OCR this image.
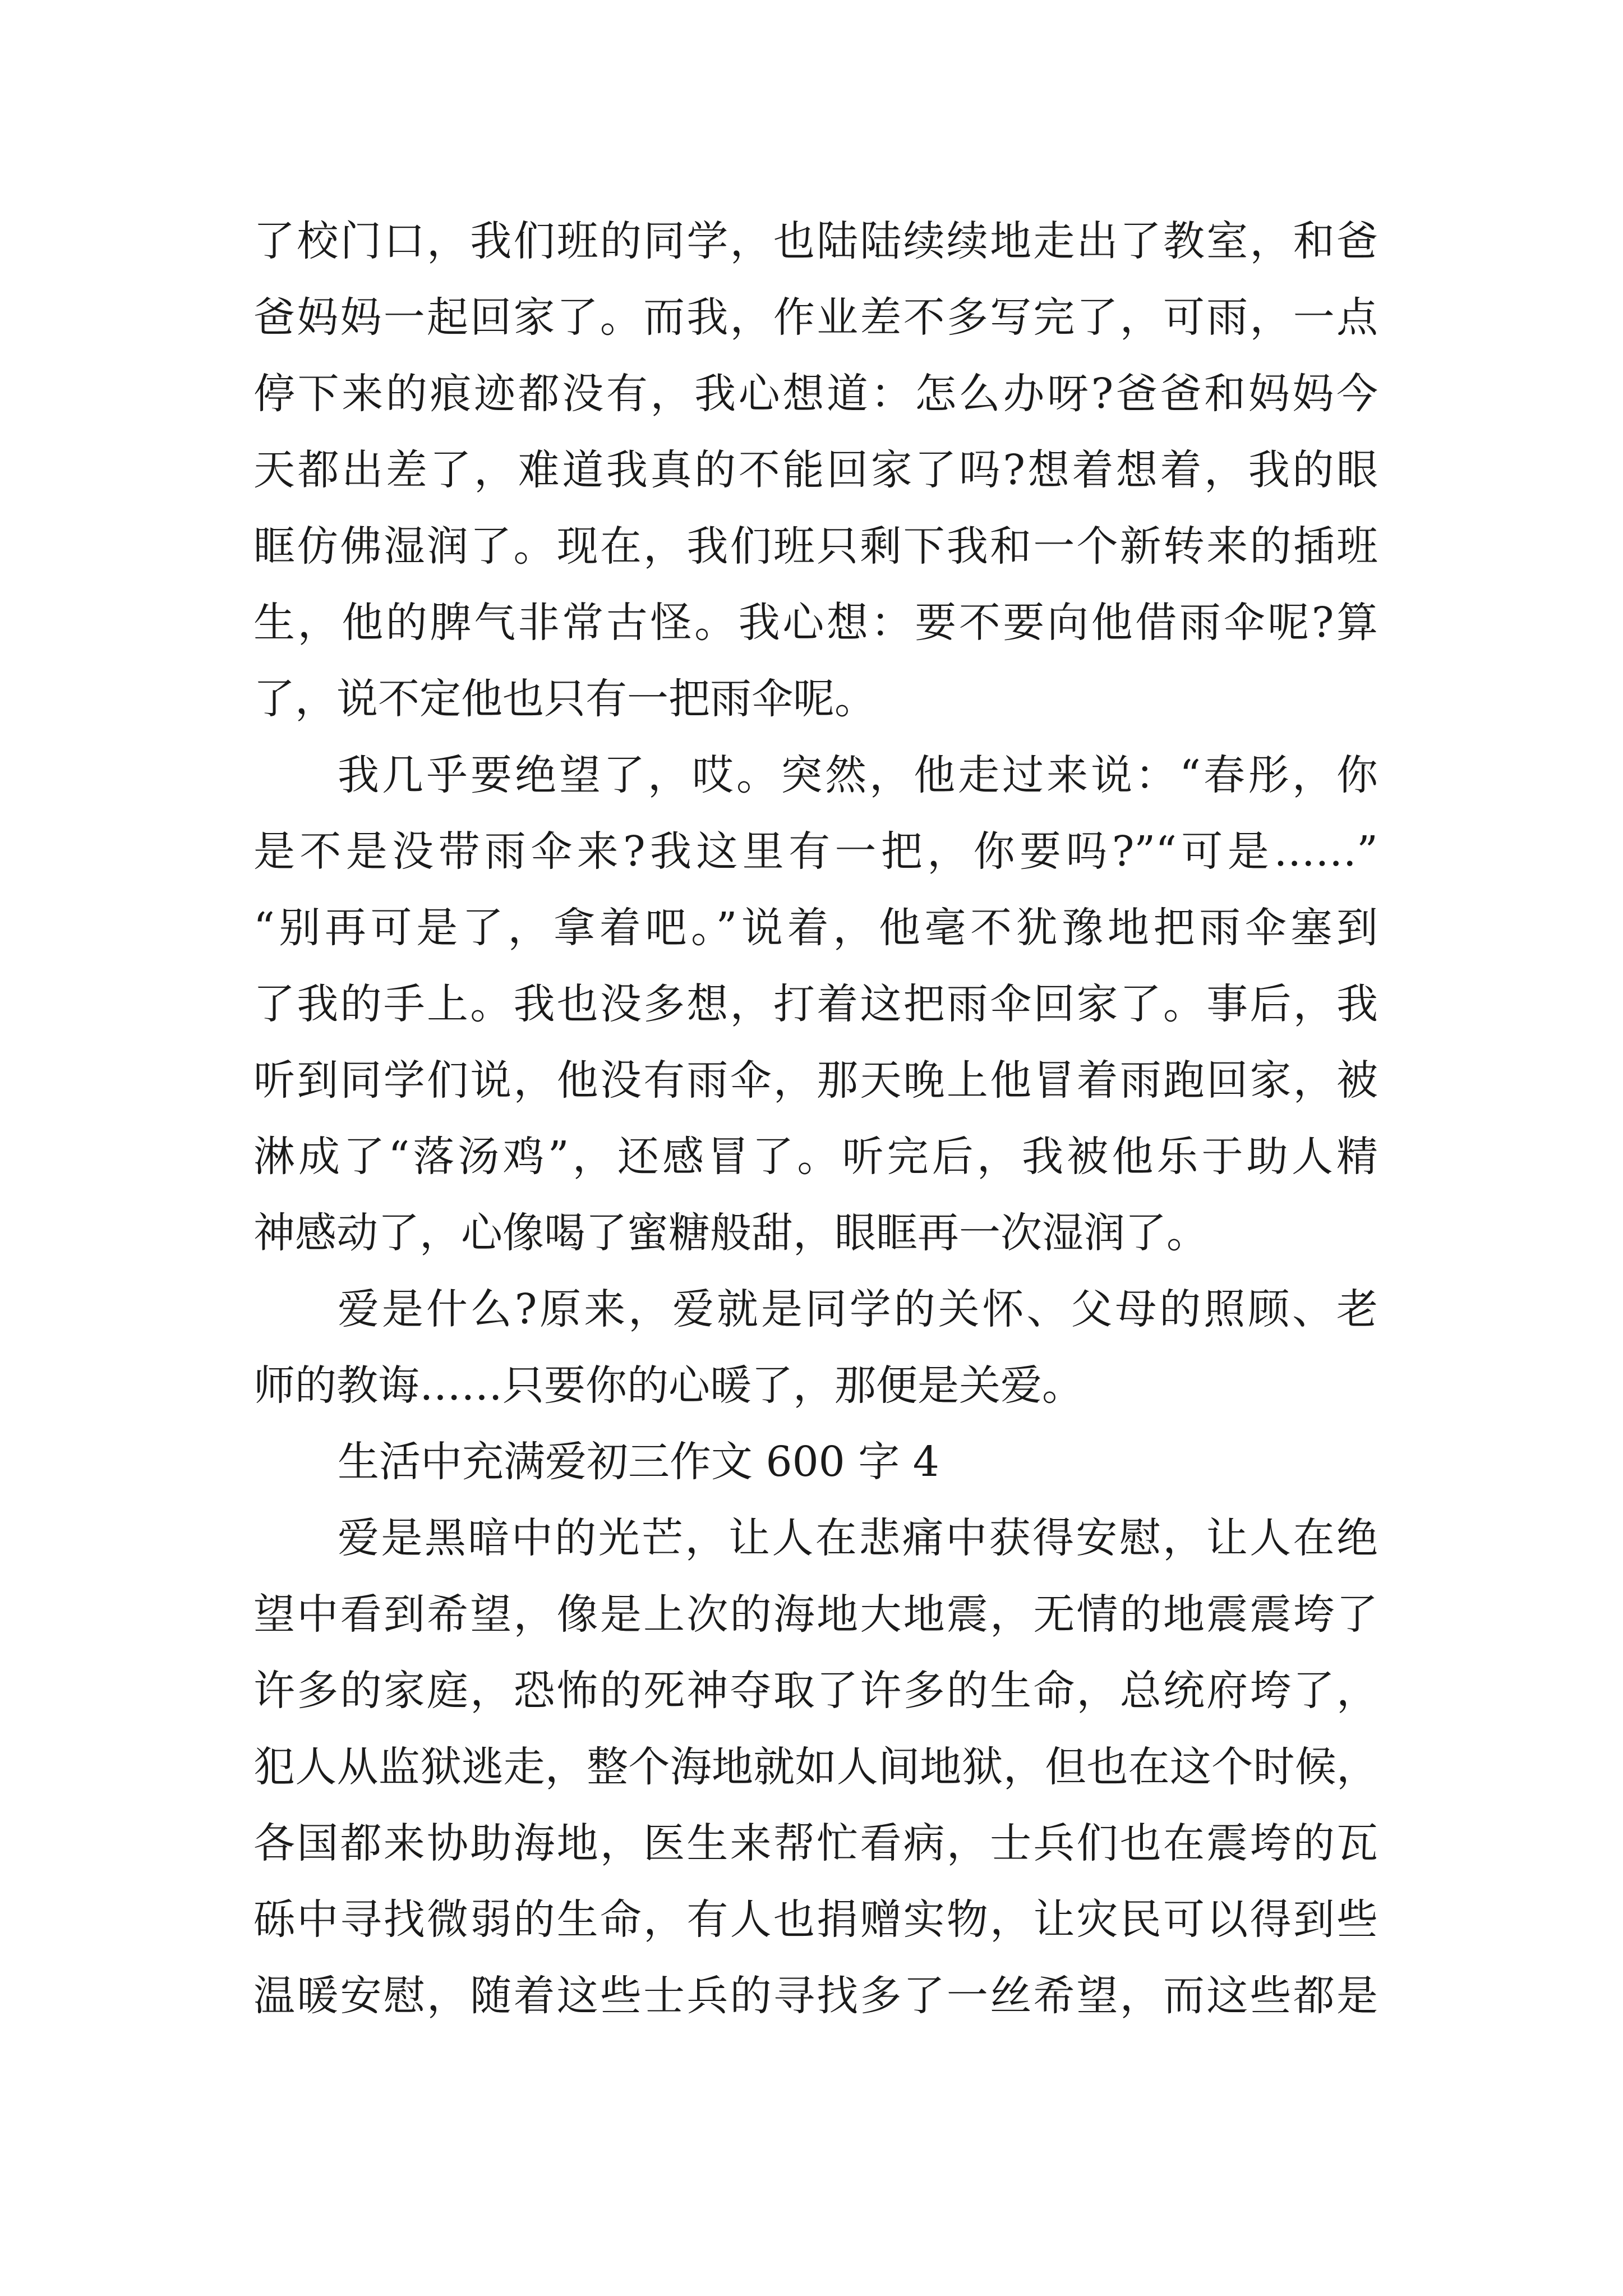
了校门口，我们班的同学，也陆陆续续地走出了教室，和爸
爸妈妈一起回家了。而我，作业差不多写完了，可雨，一点
停下来的痕迹都没有，我心想道：怎么办呀?爸爸和妈妈今
天都出差了，难道我真的不能回家了吗?想着想着，我的眼
眶仿佛湿润了。现在，我们班只剩下我和一个新转来的插班
生，他的脾气非常古怪。我心想：要不要向他借雨伞呢?算
了，说不定他也只有一把雨伞呢。
我几乎要绝望了，哎。突然，他走过来说：“春彤，你
是不是没带雨伞来?我这里有一把，你要吗?”“可是……”
“别再可是了，拿着吧。”说着，他毫不犹豫地把雨伞塞到
了我的手上。我也没多想，打着这把雨伞回家了。事后，我
听到同学们说，他没有雨伞，那天晚上他冒着雨跑回家，被
淋成了“落汤鸡”，还感冒了。听完后，我被他乐于助人精
神感动了，心像喝了蜜糖般甜，眼眶再一次湿润了。
爱是什么?原来，爱就是同学的关怀、父母的照顾、老
师的教诲……只要你的心暖了，那便是关爱。
生活中充满爱初三作文 600 字 4
爱是黑暗中的光芒，让人在悲痛中获得安慰，让人在绝
望中看到希望，像是上次的海地大地震，无情的地震震垮了
许多的家庭，恐怖的死神夺取了许多的生命，总统府垮了，
犯人从监狱逃走，整个海地就如人间地狱，但也在这个时候，
各国都来协助海地，医生来帮忙看病，士兵们也在震垮的瓦
砾中寻找微弱的生命，有人也捐赠实物，让灾民可以得到些
温暖安慰，随着这些士兵的寻找多了一丝希望，而这些都是
